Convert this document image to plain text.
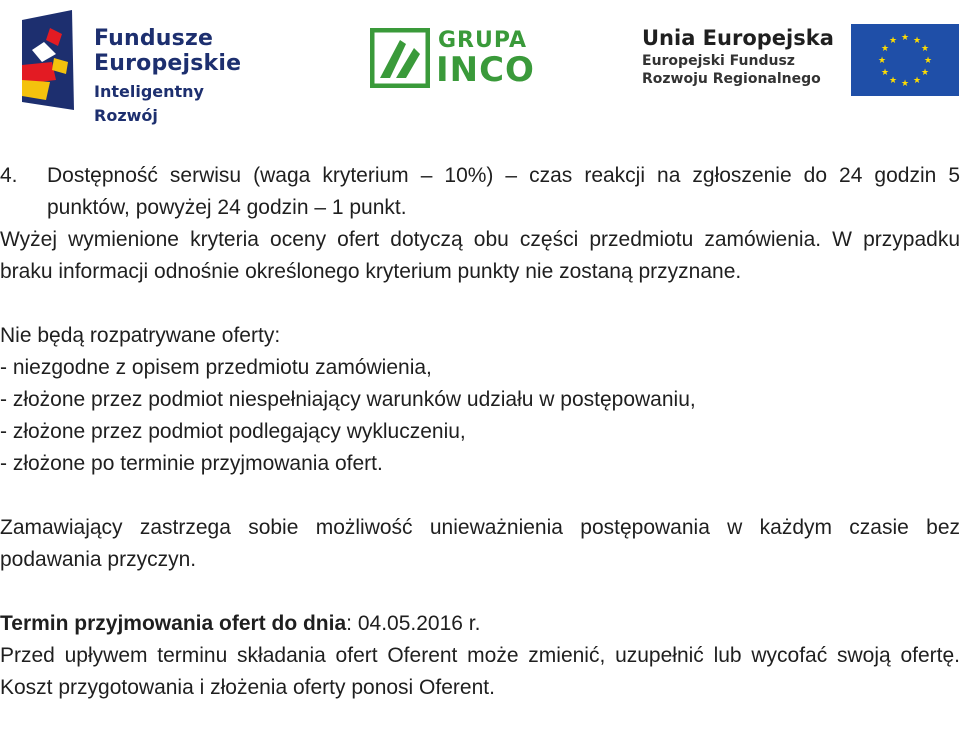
Fundusze
Europejskie
Inteligentny Rozwój
GRUPA
INCO
Unia Europejska
Europejski Fundusz
Rozwoju Regionalnego
★ ★
★
★
★
★
★
★
★
★
★
★

4. Dostępność serwisu (waga kryterium – 10%) – czas reakcji na zgłoszenie do 24 godzin 5 punktów, powyżej 24 godzin – 1 punkt.

Wyżej wymienione kryteria oceny ofert dotyczą obu części przedmiotu zamówienia. W przypadku braku informacji odnośnie określonego kryterium punkty nie zostaną przyznane.

Nie będą rozpatrywane oferty:

- niezgodne z opisem przedmiotu zamówienia,

- złożone przez podmiot niespełniający warunków udziału w postępowaniu,

- złożone przez podmiot podlegający wykluczeniu,

- złożone po terminie przyjmowania ofert.

Zamawiający zastrzega sobie możliwość unieważnienia postępowania w każdym czasie bez podawania przyczyn.

Termin przyjmowania ofert do dnia: 04.05.2016 r.

Przed upływem terminu składania ofert Oferent może zmienić, uzupełnić lub wycofać swoją ofertę. Koszt przygotowania i złożenia oferty ponosi Oferent.
